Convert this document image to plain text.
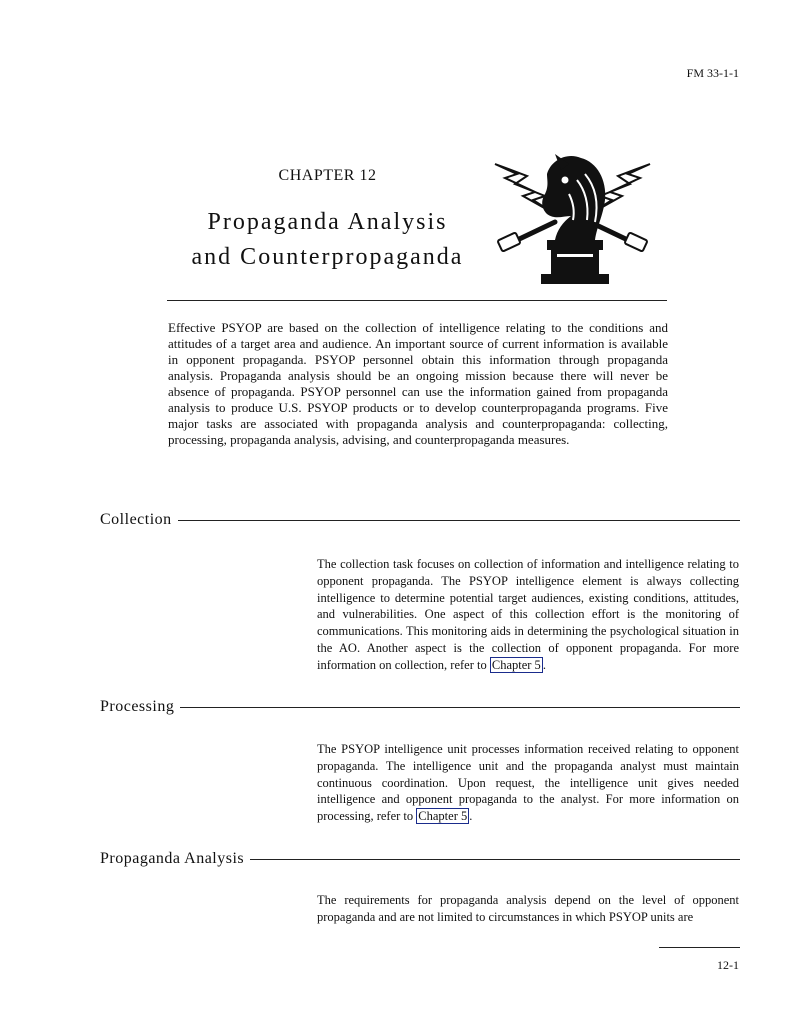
FM 33-1-1
CHAPTER 12
Propaganda Analysis
and Counterpropaganda

Effective PSYOP are based on the collection of intelligence relating to the conditions and attitudes of a target area and audience. An important source of current information is available in opponent propaganda. PSYOP personnel obtain this information through propaganda analysis. Propaganda analysis should be an ongoing mission because there will never be absence of propaganda. PSYOP personnel can use the information gained from propaganda analysis to produce U.S. PSYOP products or to develop counterpropaganda programs. Five major tasks are associated with propaganda analysis and counterpropaganda: collecting, processing, propaganda analysis, advising, and counterpropaganda measures.

Collection

The collection task focuses on collection of information and intelligence relating to opponent propaganda. The PSYOP intelligence element is always collecting intelligence to determine potential target audiences, existing conditions, attitudes, and vulnerabilities. One aspect of this collection effort is the monitoring of communications. This monitoring aids in determining the psychological situation in the AO. Another aspect is the collection of opponent propaganda. For more information on collection, refer to Chapter 5 .

Processing

The PSYOP intelligence unit processes information received relating to opponent propaganda. The intelligence unit and the propaganda analyst must maintain continuous coordination. Upon request, the intelligence unit gives needed intelligence and opponent propaganda to the analyst. For more information on processing, refer to Chapter 5 .

Propaganda Analysis

The requirements for propaganda analysis depend on the level of opponent propaganda and are not limited to circumstances in which PSYOP units are

12-1
